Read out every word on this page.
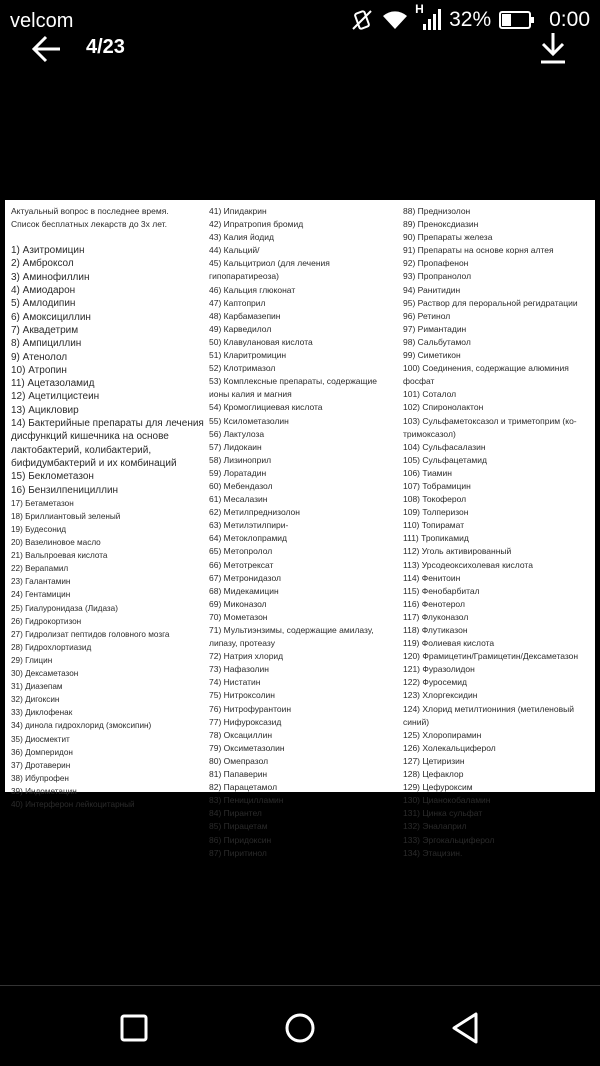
velcom
H 32%	0:00
4/23
Актуальный вопрос в последнее время.
Список бесплатных лекарств до 3х лет.
1) Азитромицин
2) Амброксол
3) Аминофиллин
4) Амиодарон
5) Амлодипин
6) Амоксициллин
7) Аквадетрим
8) Ампициллин
9) Атенолол
10) Атропин
11) Ацетазоламид
12) Ацетилцистеин
13) Ацикловир
14) Бактерийные препараты для лечения
дисфункций кишечника на основе
лактобактерий, колибактерий,
бифидумбактерий и их комбинаций
15) Беклометазон
16) Бензилпенициллин
17) Бетаметазон
18) Бриллиантовый зеленый
19) Будесонид
20) Вазелиновое масло
21) Вальпроевая кислота
22) Верапамил
23) Галантамин
24) Гентамицин
25) Гиалуронидаза (Лидаза)
26) Гидрокортизон
27) Гидролизат пептидов головного мозга
28) Гидрохлортиазид
29) Глицин
30) Дексаметазон
31) Диазепам
32) Дигоксин
33) Диклофенак
34) динола гидрохлорид (змоксипин)
35) Диосмектит
36) Домперидон
37) Дротаверин
38) Ибупрофен
39) Индометацин
40) Интерферон лейкоцитарный
41) Ипидакрин
42) Ипратропия бромид
43) Калия йодид
44) Кальций/
45) Кальцитриол (для лечения
гипопаратиреоза)
46) Кальция глюконат
47) Каптоприл
48) Карбамазепин
49) Карведилол
50) Клавулановая кислота
51) Кларитромицин
52) Клотримазол
53) Комплексные препараты, содержащие
ионы калия и магния
54) Кромоглициевая кислота
55) Ксилометазолин
56) Лактулоза
57) Лидокаин
58) Лизиноприл
59) Лоратадин
60) Мебендазол
61) Месалазин
62) Метилпреднизолон
63) Метилэтилпири-
64) Метоклопрамид
65) Метопролол
66) Метотрексат
67) Метронидазол
68) Мидекамицин
69) Миконазол
70) Мометазон
71) Мультиэнзимы, содержащие амилазу,
липазу, протеазу
72) Натрия хлорид
73) Нафазолин
74) Нистатин
75) Нитроксолин
76) Нитрофурантоин
77) Нифуроксазид
78) Оксациллин
79) Оксиметазолин
80) Омепразол
81) Папаверин
82) Парацетамол
83) Пеницилламин
84) Пирантел
85) Пирацетам
86) Пиридоксин
87) Пиритинол
88) Преднизолон
89) Преноксдиазин
90) Препараты железа
91) Препараты на основе корня алтея
92) Пропафенон
93) Пропранолол
94) Ранитидин
95) Раствор для пероральной регидратации
96) Ретинол
97) Римантадин
98) Сальбутамол
99) Симетикон
100) Соединения, содержащие алюминия
фосфат
101) Соталол
102) Спиронолактон
103) Сульфаметоксазол и триметоприм (ко-
тримоксазол)
104) Сульфасалазин
105) Сульфацетамид
106) Тиамин
107) Тобрамицин
108) Токоферол
109) Толперизон
110) Топирамат
111) Тропикамид
112) Уголь активированный
113) Урсодеоксихолевая кислота
114) Фенитоин
115) Фенобарбитал
116) Фенотерол
117) Флуконазол
118) Флутиказон
119) Фолиевая кислота
120) Фрамицетин/Грамицетин/Дексаметазон
121) Фуразолидон
122) Фуросемид
123) Хлоргексидин
124) Хлорид метилтиониния (метиленовый
синий)
125) Хлоропирамин
126) Холекальциферол
127) Цетиризин
128) Цефаклор
129) Цефуроксим
130) Цианокобаламин
131) Цинка сульфат
132) Эналаприл
133) Эргокальциферол
134) Этацизин.
